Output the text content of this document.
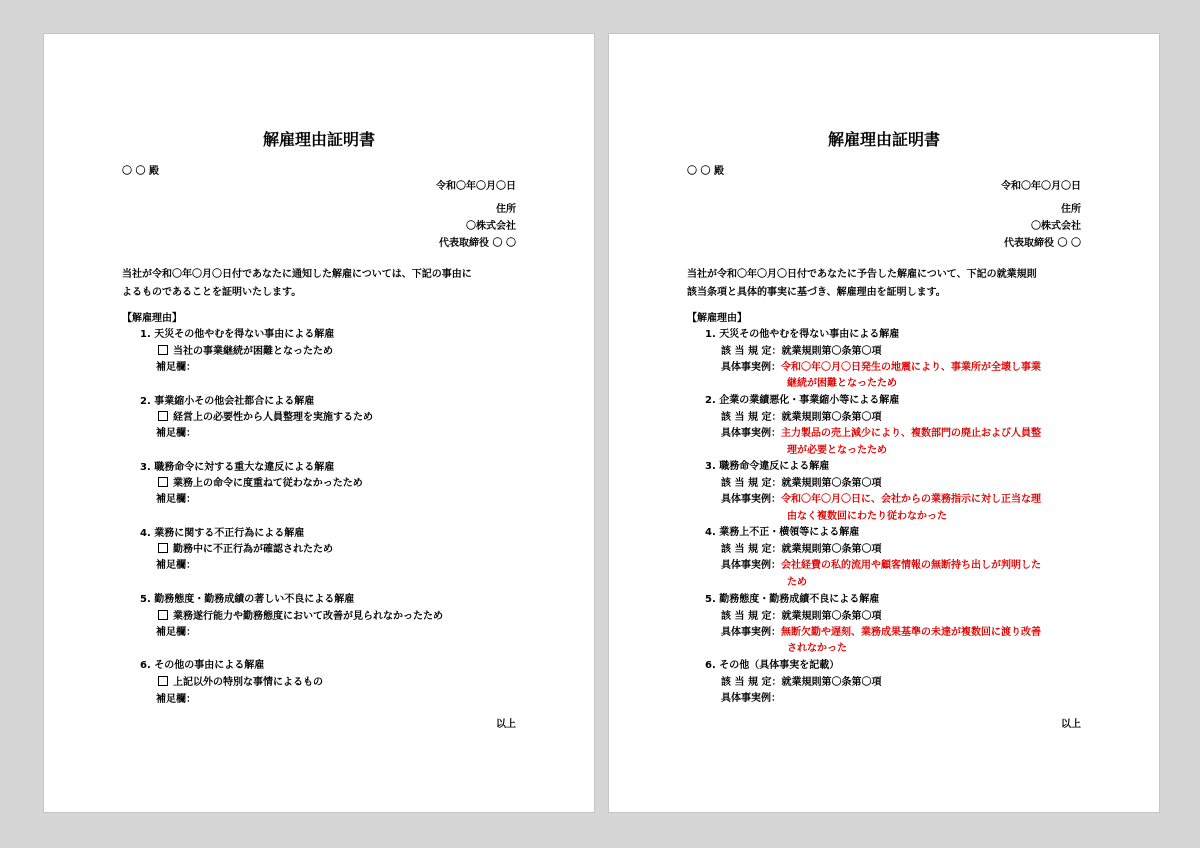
解雇理由証明書
〇 〇 殿
令和〇年〇月〇日
住所
〇株式会社
代表取締役 〇 〇
当社が令和〇年〇月〇日付であなたに通知した解雇については、下記の事由に
よるものであることを証明いたします。
【解雇理由】
1. 天災その他やむを得ない事由による解雇
当社の事業継続が困難となったため
補足欄：
2. 事業縮小その他会社都合による解雇
経営上の必要性から人員整理を実施するため
補足欄：
3. 職務命令に対する重大な違反による解雇
業務上の命令に度重ねて従わなかったため
補足欄：
4. 業務に関する不正行為による解雇
勤務中に不正行為が確認されたため
補足欄：
5. 勤務態度・勤務成績の著しい不良による解雇
業務遂行能力や勤務態度において改善が見られなかったため
補足欄：
6. その他の事由による解雇
上記以外の特別な事情によるもの
補足欄：
以上
解雇理由証明書
〇 〇 殿
令和〇年〇月〇日
住所
〇株式会社
代表取締役 〇 〇
当社が令和〇年〇月〇日付であなたに予告した解雇について、下記の就業規則
該当条項と具体的事実に基づき、解雇理由を証明します。
【解雇理由】
1. 天災その他やむを得ない事由による解雇
該 当 規 定：就業規則第〇条第〇項
具体事実例：令和〇年〇月〇日発生の地震により、事業所が全壊し事業
継続が困難となったため
2. 企業の業績悪化・事業縮小等による解雇
該 当 規 定：就業規則第〇条第〇項
具体事実例：主力製品の売上減少により、複数部門の廃止および人員整
理が必要となったため
3. 職務命令違反による解雇
該 当 規 定：就業規則第〇条第〇項
具体事実例：令和〇年〇月〇日に、会社からの業務指示に対し正当な理
由なく複数回にわたり従わなかった
4. 業務上不正・横領等による解雇
該 当 規 定：就業規則第〇条第〇項
具体事実例：会社経費の私的流用や顧客情報の無断持ち出しが判明した
ため
5. 勤務態度・勤務成績不良による解雇
該 当 規 定：就業規則第〇条第〇項
具体事実例：無断欠勤や遅刻、業務成果基準の未達が複数回に渡り改善
されなかった
6. その他（具体事実を記載）
該 当 規 定：就業規則第〇条第〇項
具体事実例：
以上
